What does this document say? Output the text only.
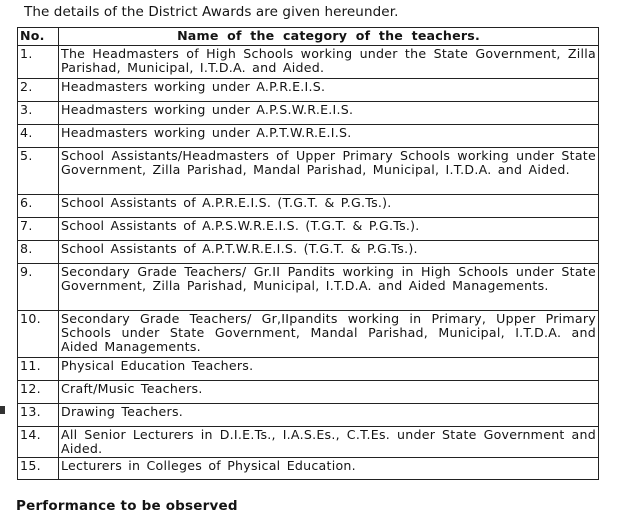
The details of the District Awards are given hereunder.
No.	Name of the category of the teachers.
1.	The Headmasters of High Schools working under the State Government, Zilla Parishad, Municipal, I.T.D.A. and Aided.
2.	Headmasters working under A.P.R.E.I.S.
3.	Headmasters working under A.P.S.W.R.E.I.S.
4.	Headmasters working under A.P.T.W.R.E.I.S.
5.	School Assistants/Headmasters of Upper Primary Schools working under State Government, Zilla Parishad, Mandal Parishad, Municipal, I.T.D.A. and Aided.
6.	School Assistants of A.P.R.E.I.S. (T.G.T. & P.G.Ts.).
7.	School Assistants of A.P.S.W.R.E.I.S. (T.G.T. & P.G.Ts.).
8.	School Assistants of A.P.T.W.R.E.I.S. (T.G.T. & P.G.Ts.).
9.	Secondary Grade Teachers/ Gr.II Pandits working in High Schools under State Government, Zilla Parishad, Municipal, I.T.D.A. and Aided Managements.
10.	Secondary Grade Teachers/ Gr,IIpandits working in Primary, Upper Primary Schools under State Government, Mandal Parishad, Municipal, I.T.D.A. and Aided Managements.
11.	Physical Education Teachers.
12.	Craft/Music Teachers.
13.	Drawing Teachers.
14.	All Senior Lecturers in D.I.E.Ts., I.A.S.Es., C.T.Es. under State Government and Aided.
15.	Lecturers in Colleges of Physical Education.
Performance to be observed
